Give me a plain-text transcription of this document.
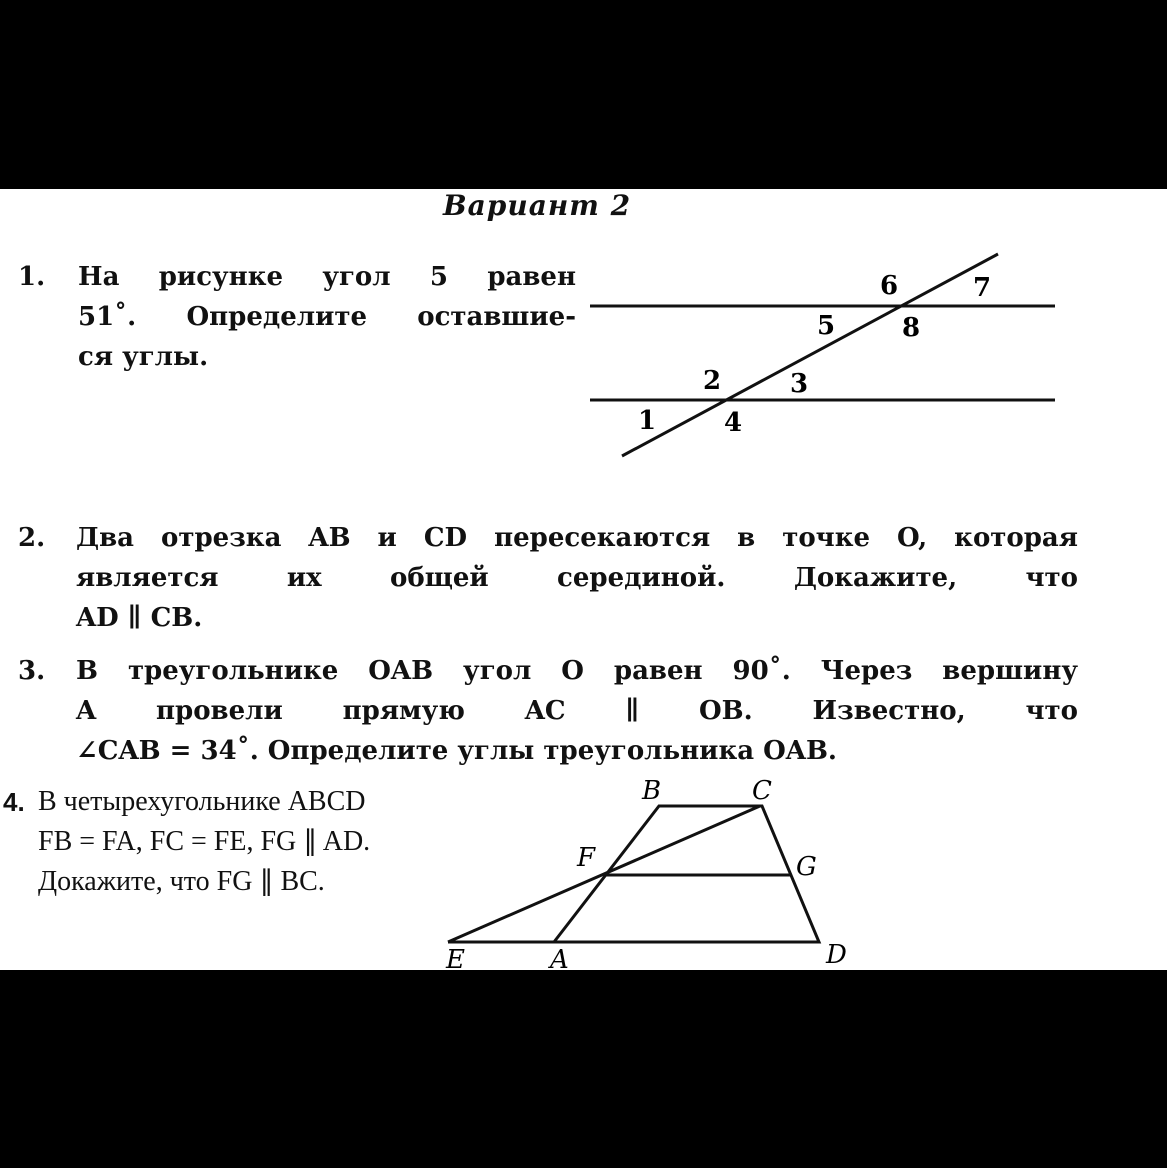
Вариант 2
1. На рисунке угол 5 равен
51˚. Определите оставшие-
ся углы.
6	7
5	8
2	3
1	4
2. Два отрезка AB и CD пересекаются в точке O, которая
является их общей серединой. Докажите, что
AD ∥ CB.
3. В треугольнике OAB угол O равен 90˚. Через вершину
A провели прямую AC ∥ OB. Известно, что
∠CAB = 34˚. Определите углы треугольника OAB.
4. В четырехугольнике ABCD
FB = FA, FC = FE, FG ∥ AD.
Докажите, что FG ∥ BC.
B	C
F	G
E	A	D
